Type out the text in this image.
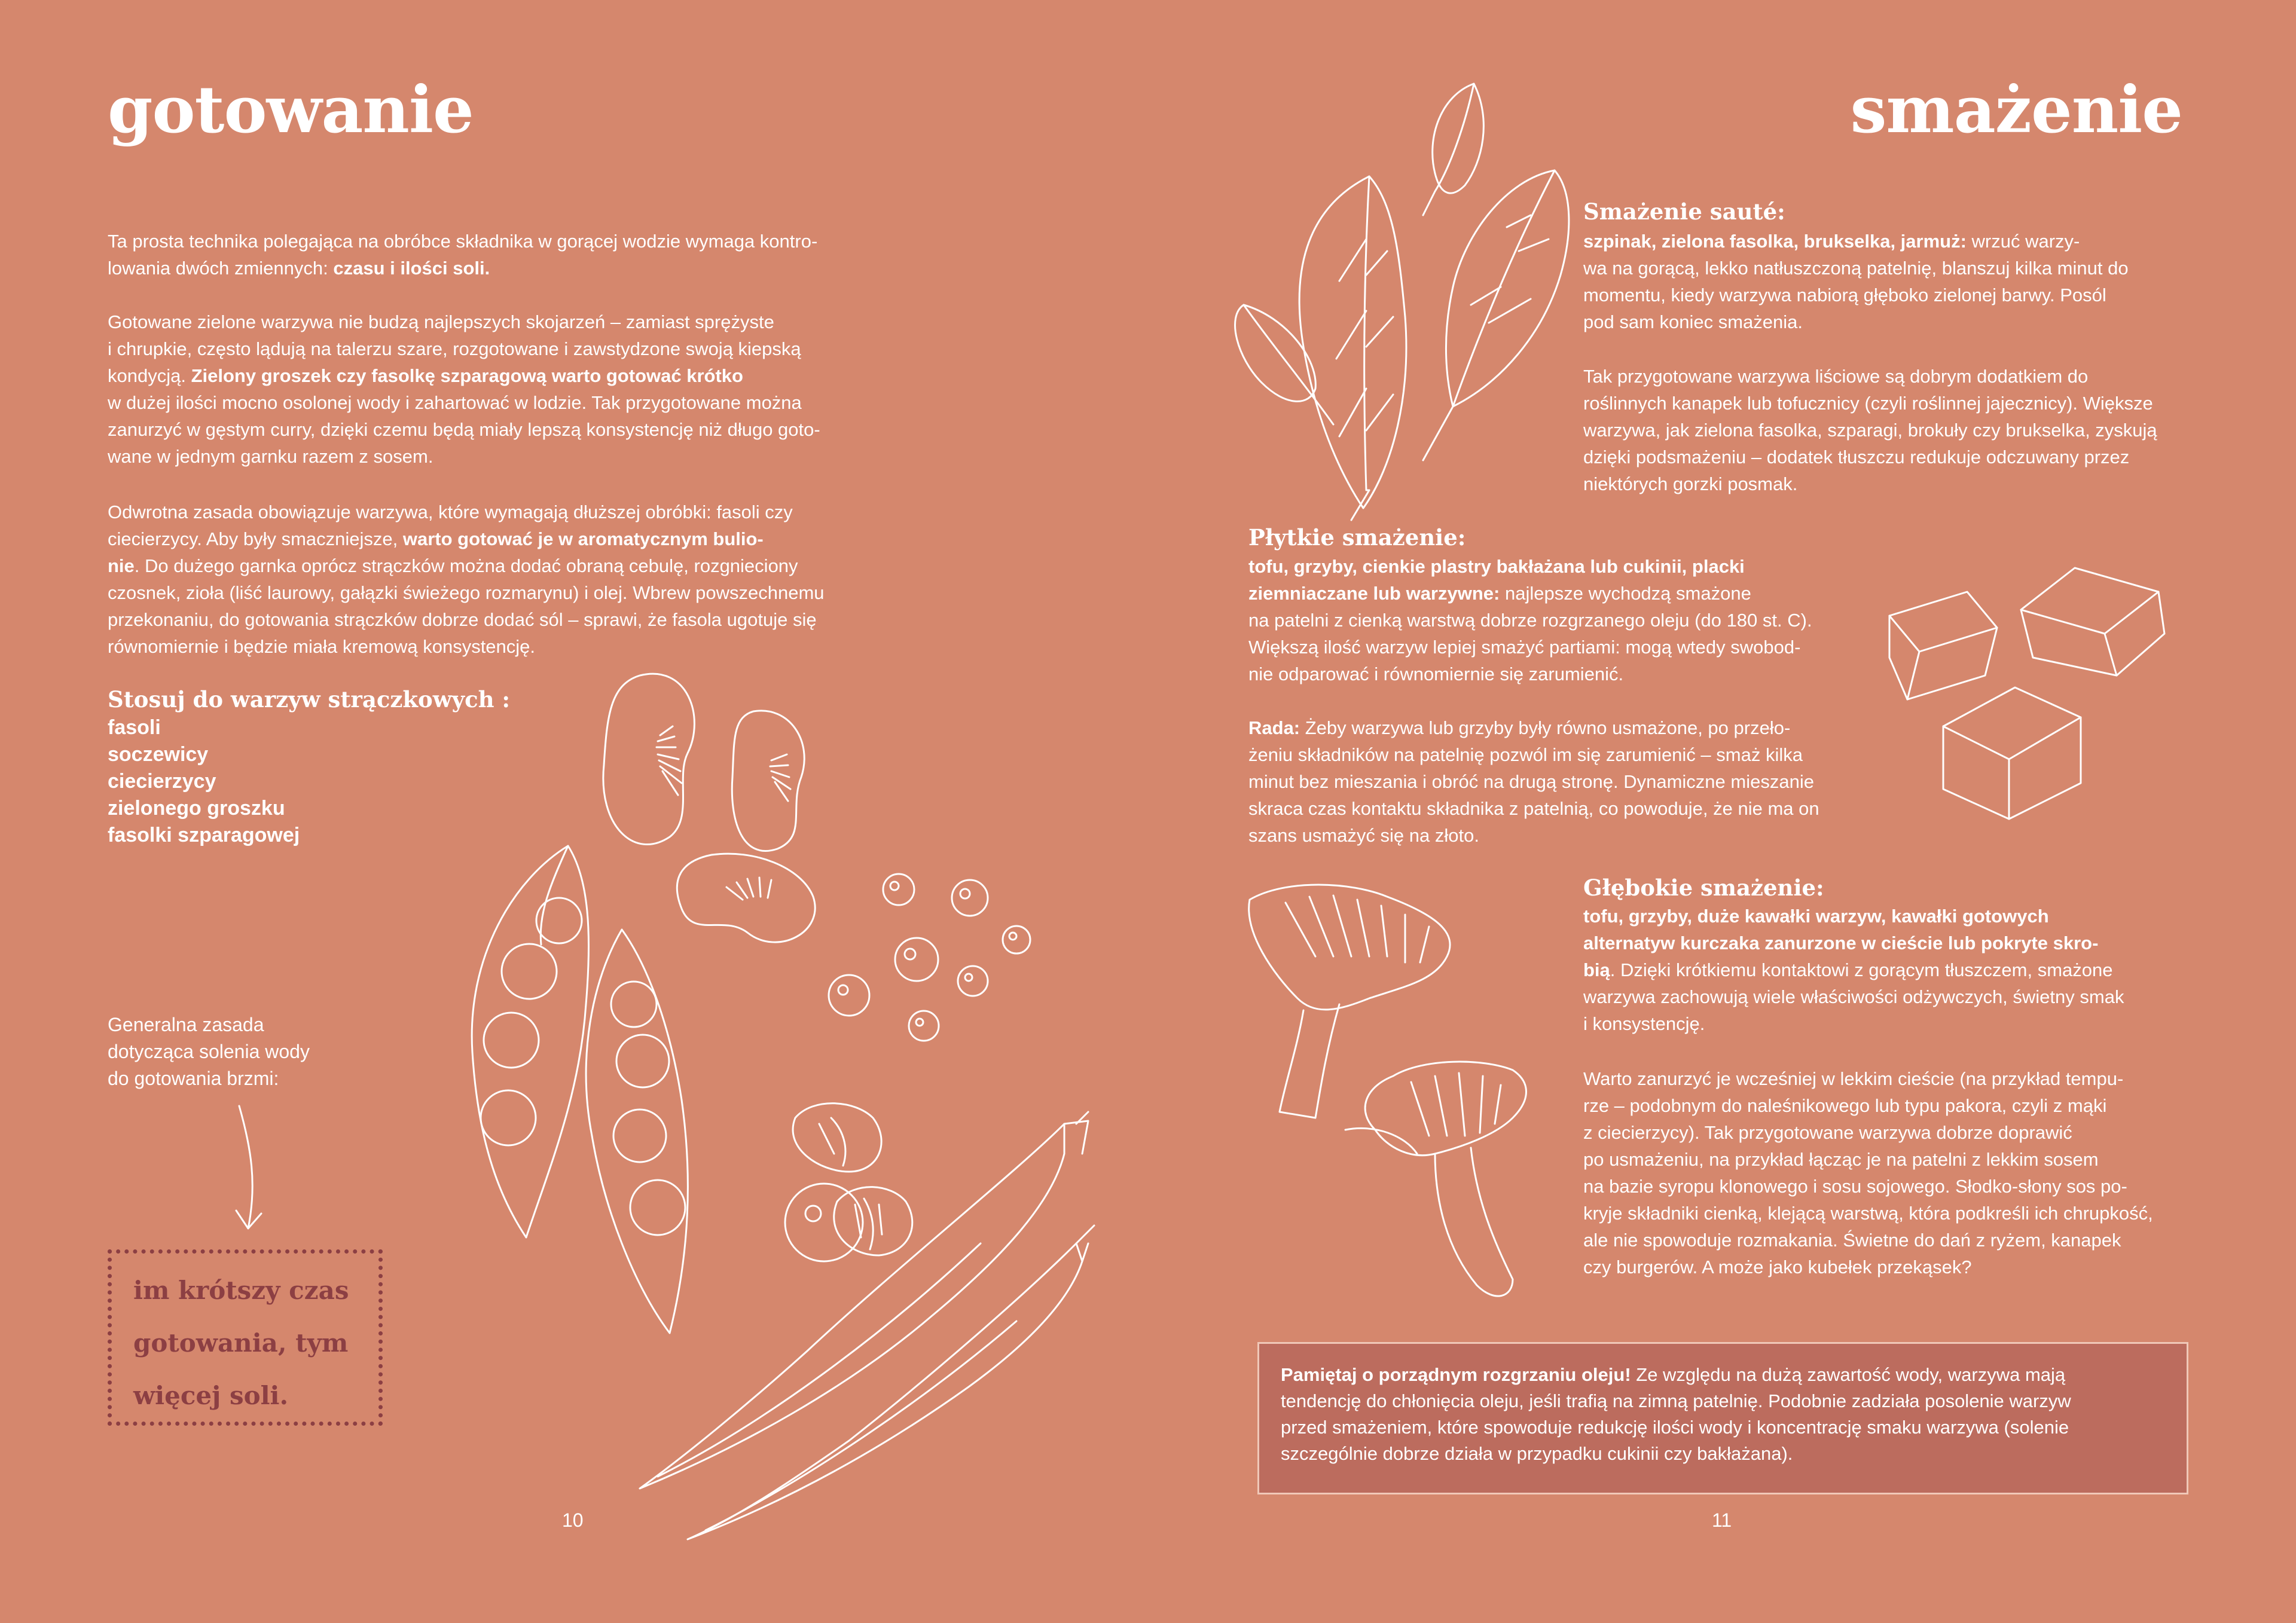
gotowanie

Ta prosta technika polegająca na obróbce składnika w gorącej wodzie wymaga kontro-
lowania dwóch zmiennych: czasu i ilości soli.

Gotowane zielone warzywa nie budzą najlepszych skojarzeń – zamiast sprężyste
i chrupkie, często lądują na talerzu szare, rozgotowane i zawstydzone swoją kiepską
kondycją. Zielony groszek czy fasolkę szparagową warto gotować krótko
w dużej ilości mocno osolonej wody i zahartować w lodzie. Tak przygotowane można
zanurzyć w gęstym curry, dzięki czemu będą miały lepszą konsystencję niż długo goto-
wane w jednym garnku razem z sosem.

Odwrotna zasada obowiązuje warzywa, które wymagają dłuższej obróbki: fasoli czy
ciecierzycy. Aby były smaczniejsze, warto gotować je w aromatycznym bulio-
nie. Do dużego garnka oprócz strączków można dodać obraną cebulę, rozgnieciony
czosnek, zioła (liść laurowy, gałązki świeżego rozmarynu) i olej. Wbrew powszechnemu
przekonaniu, do gotowania strączków dobrze dodać sól – sprawi, że fasola ugotuje się
równomiernie i będzie miała kremową konsystencję.

Stosuj do warzyw strączkowych :
fasoli
soczewicy
ciecierzycy
zielonego groszku
fasolki szparagowej

Generalna zasada
dotycząca solenia wody
do gotowania brzmi:

im krótszy czas gotowania, tym więcej soli.
10
smażenie
Smażenie sauté:

szpinak, zielona fasolka, brukselka, jarmuż: wrzuć warzy-
wa na gorącą, lekko natłuszczoną patelnię, blanszuj kilka minut do
momentu, kiedy warzywa nabiorą głęboko zielonej barwy. Posól
pod sam koniec smażenia.

Tak przygotowane warzywa liściowe są dobrym dodatkiem do
roślinnych kanapek lub tofucznicy (czyli roślinnej jajecznicy). Większe
warzywa, jak zielona fasolka, szparagi, brokuły czy brukselka, zyskują
dzięki podsmażeniu – dodatek tłuszczu redukuje odczuwany przez
niektórych gorzki posmak.

Płytkie smażenie:

tofu, grzyby, cienkie plastry bakłażana lub cukinii, placki
ziemniaczane lub warzywne: najlepsze wychodzą smażone
na patelni z cienką warstwą dobrze rozgrzanego oleju (do 180 st. C).
Większą ilość warzyw lepiej smażyć partiami: mogą wtedy swobod-
nie odparować i równomiernie się zarumienić.

Rada: Żeby warzywa lub grzyby były równo usmażone, po przeło-
żeniu składników na patelnię pozwól im się zarumienić – smaż kilka
minut bez mieszania i obróć na drugą stronę. Dynamiczne mieszanie
skraca czas kontaktu składnika z patelnią, co powoduje, że nie ma on
szans usmażyć się na złoto.

Głębokie smażenie:

tofu, grzyby, duże kawałki warzyw, kawałki gotowych
alternatyw kurczaka zanurzone w cieście lub pokryte skro-
bią. Dzięki krótkiemu kontaktowi z gorącym tłuszczem, smażone
warzywa zachowują wiele właściwości odżywczych, świetny smak
i konsystencję.

Warto zanurzyć je wcześniej w lekkim cieście (na przykład tempu-
rze – podobnym do naleśnikowego lub typu pakora, czyli z mąki
z ciecierzycy). Tak przygotowane warzywa dobrze doprawić
po usmażeniu, na przykład łącząc je na patelni z lekkim sosem
na bazie syropu klonowego i sosu sojowego. Słodko-słony sos po-
kryje składniki cienką, klejącą warstwą, która podkreśli ich chrupkość,
ale nie spowoduje rozmakania. Świetne do dań z ryżem, kanapek
czy burgerów. A może jako kubełek przekąsek?

11
Pamiętaj o porządnym rozgrzaniu oleju! Ze względu na dużą zawartość wody, warzywa mają
tendencję do chłonięcia oleju, jeśli trafią na zimną patelnię. Podobnie zadziała posolenie warzyw
przed smażeniem, które spowoduje redukcję ilości wody i koncentrację smaku warzywa (solenie
szczególnie dobrze działa w przypadku cukinii czy bakłażana).
